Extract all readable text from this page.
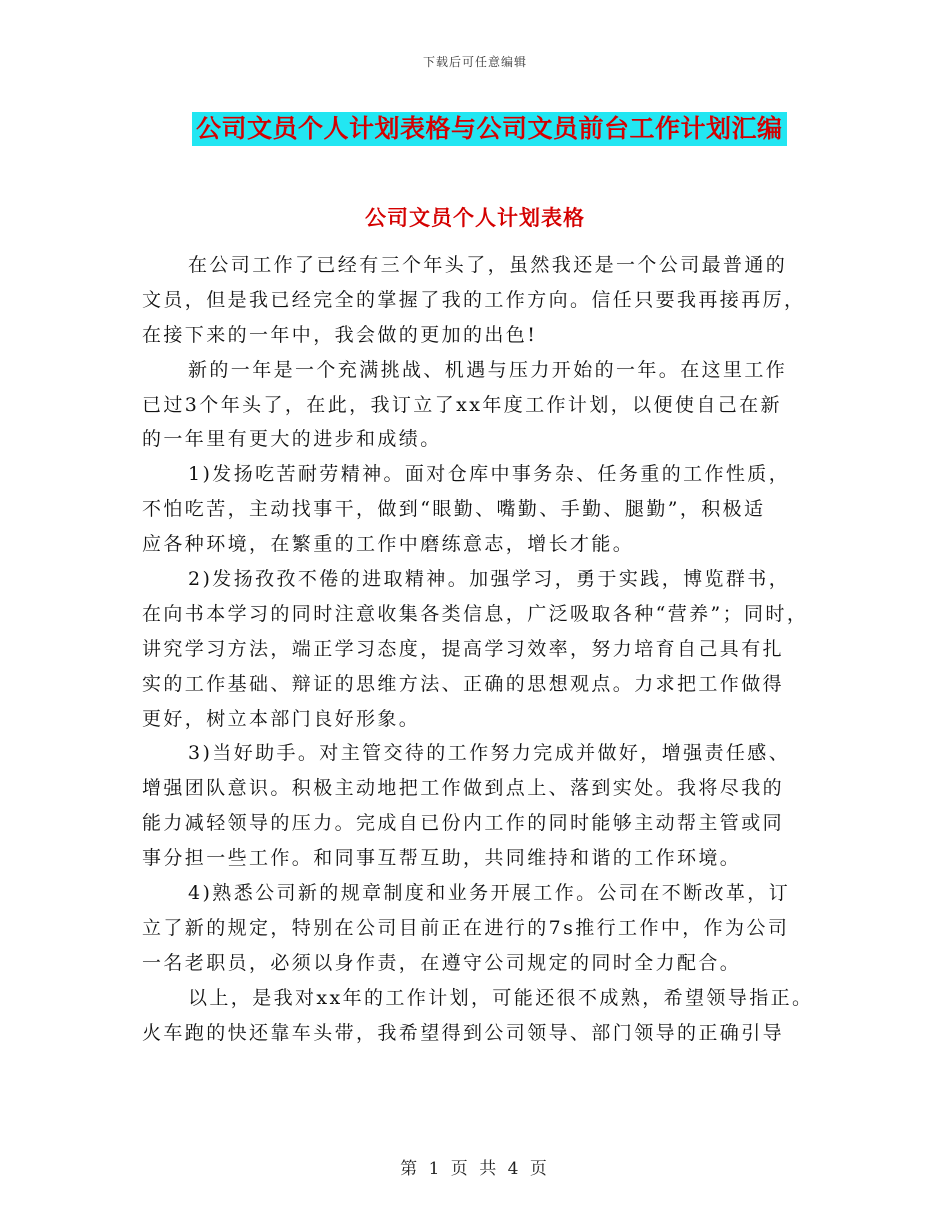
下载后可任意编辑
公司文员个人计划表格与公司文员前台工作计划汇编
公司文员个人计划表格
在公司工作了已经有三个年头了，虽然我还是一个公司最普通的
文员，但是我已经完全的掌握了我的工作方向。信任只要我再接再厉，
在接下来的一年中，我会做的更加的出色!
新的一年是一个充满挑战、机遇与压力开始的一年。在这里工作
已过3个年头了，在此，我订立了xx年度工作计划，以便使自己在新
的一年里有更大的进步和成绩。
1)发扬吃苦耐劳精神。面对仓库中事务杂、任务重的工作性质，
不怕吃苦，主动找事干，做到“眼勤、嘴勤、手勤、腿勤”，积极适
应各种环境，在繁重的工作中磨练意志，增长才能。
2)发扬孜孜不倦的进取精神。加强学习，勇于实践，博览群书，
在向书本学习的同时注意收集各类信息，广泛吸取各种“营养”；同时，
讲究学习方法，端正学习态度，提高学习效率，努力培育自己具有扎
实的工作基础、辩证的思维方法、正确的思想观点。力求把工作做得
更好，树立本部门良好形象。
3)当好助手。对主管交待的工作努力完成并做好，增强责任感、
增强团队意识。积极主动地把工作做到点上、落到实处。我将尽我的
能力减轻领导的压力。完成自已份内工作的同时能够主动帮主管或同
事分担一些工作。和同事互帮互助，共同维持和谐的工作环境。
4)熟悉公司新的规章制度和业务开展工作。公司在不断改革，订
立了新的规定，特别在公司目前正在进行的7s推行工作中，作为公司
一名老职员，必须以身作责，在遵守公司规定的同时全力配合。
以上，是我对xx年的工作计划，可能还很不成熟，希望领导指正。
火车跑的快还靠车头带，我希望得到公司领导、部门领导的正确引导
第 1 页 共 4 页
